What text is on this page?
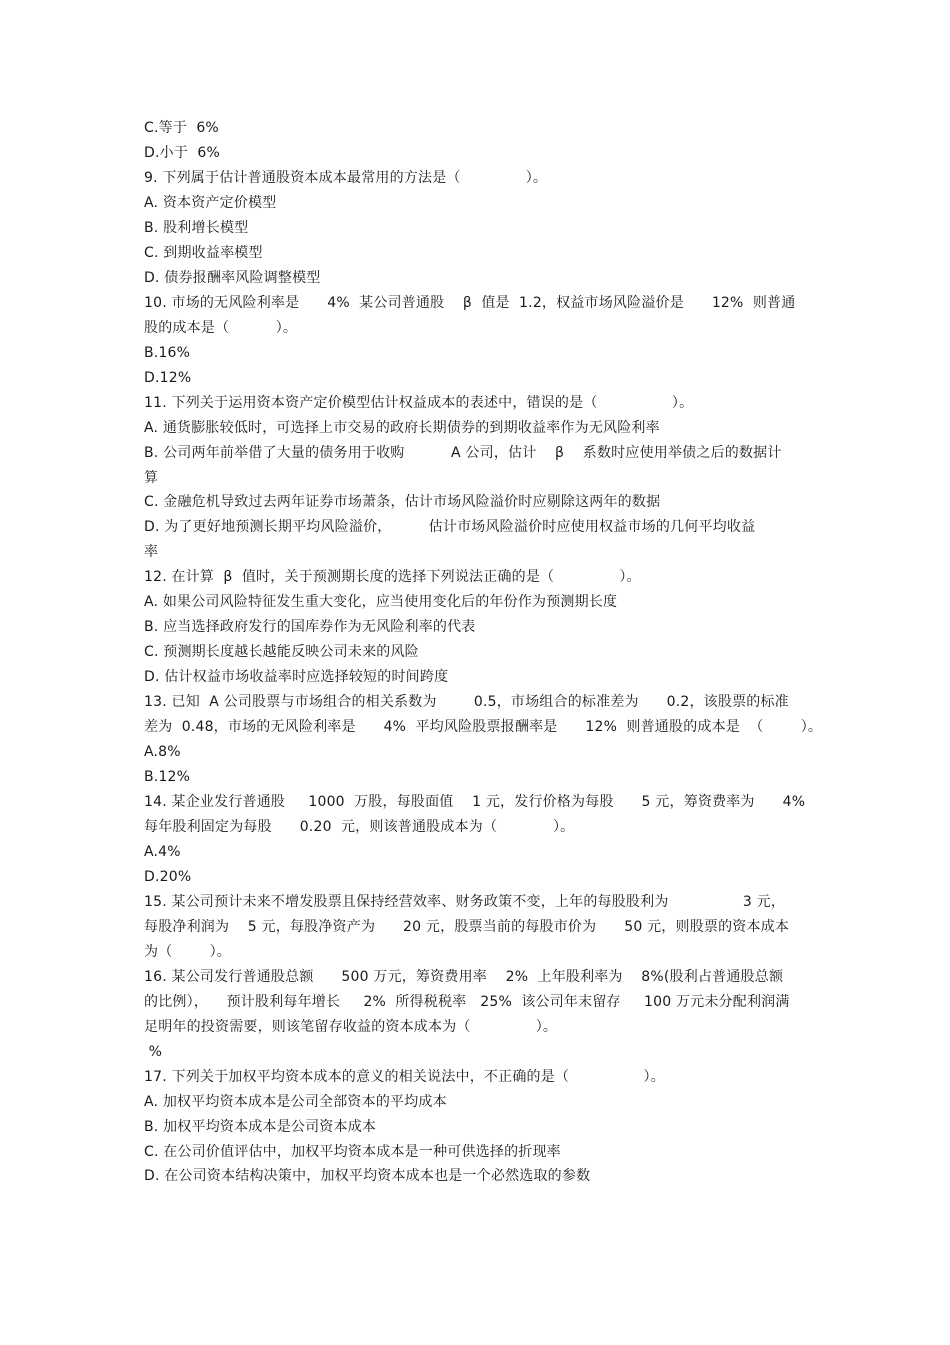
C.等于  6%
D.小于  6%
9. 下列属于估计普通股资本成本最常用的方法是（              ）。
A. 资本资产定价模型
B. 股利增长模型
C. 到期收益率模型
D. 债券报酬率风险调整模型
10. 市场的无风险利率是      4%  某公司普通股    β  值是  1.2，权益市场风险溢价是      12%  则普通
股的成本是（          ）。
B.16%
D.12%
11. 下列关于运用资本资产定价模型估计权益成本的表述中，错误的是（                ）。
A. 通货膨胀较低时，可选择上市交易的政府长期债券的到期收益率作为无风险利率
B. 公司两年前举借了大量的债务用于收购          A 公司，估计    β    系数时应使用举债之后的数据计
算
C. 金融危机导致过去两年证券市场萧条，估计市场风险溢价时应剔除这两年的数据
D. 为了更好地预测长期平均风险溢价，        估计市场风险溢价时应使用权益市场的几何平均收益
率
12. 在计算  β  值时，关于预测期长度的选择下列说法正确的是（              ）。
A. 如果公司风险特征发生重大变化，应当使用变化后的年份作为预测期长度
B. 应当选择政府发行的国库券作为无风险利率的代表
C. 预测期长度越长越能反映公司未来的风险
D. 估计权益市场收益率时应选择较短的时间跨度
13. 已知  A 公司股票与市场组合的相关系数为        0.5，市场组合的标准差为      0.2，该股票的标准
差为  0.48，市场的无风险利率是      4%  平均风险股票报酬率是      12%  则普通股的成本是  （        ）。
A.8%
B.12%
14. 某企业发行普通股     1000  万股，每股面值    1 元，发行价格为每股      5 元，筹资费率为      4%
每年股利固定为每股      0.20  元，则该普通股成本为（            ）。
A.4%
D.20%
15. 某公司预计未来不增发股票且保持经营效率、财务政策不变，上年的每股股利为                3 元，
每股净利润为    5 元，每股净资产为      20 元，股票当前的每股市价为      50 元，则股票的资本成本
为（        ）。
16. 某公司发行普通股总额      500 万元，筹资费用率    2%  上年股利率为    8%(股利占普通股总额
的比例），    预计股利每年增长     2%  所得税税率   25%  该公司年末留存     100 万元未分配利润满
足明年的投资需要，则该笔留存收益的资本成本为（              ）。
%
17. 下列关于加权平均资本成本的意义的相关说法中，不正确的是（                ）。
A. 加权平均资本成本是公司全部资本的平均成本
B. 加权平均资本成本是公司资本成本
C. 在公司价值评估中，加权平均资本成本是一种可供选择的折现率
D. 在公司资本结构决策中，加权平均资本成本也是一个必然选取的参数
